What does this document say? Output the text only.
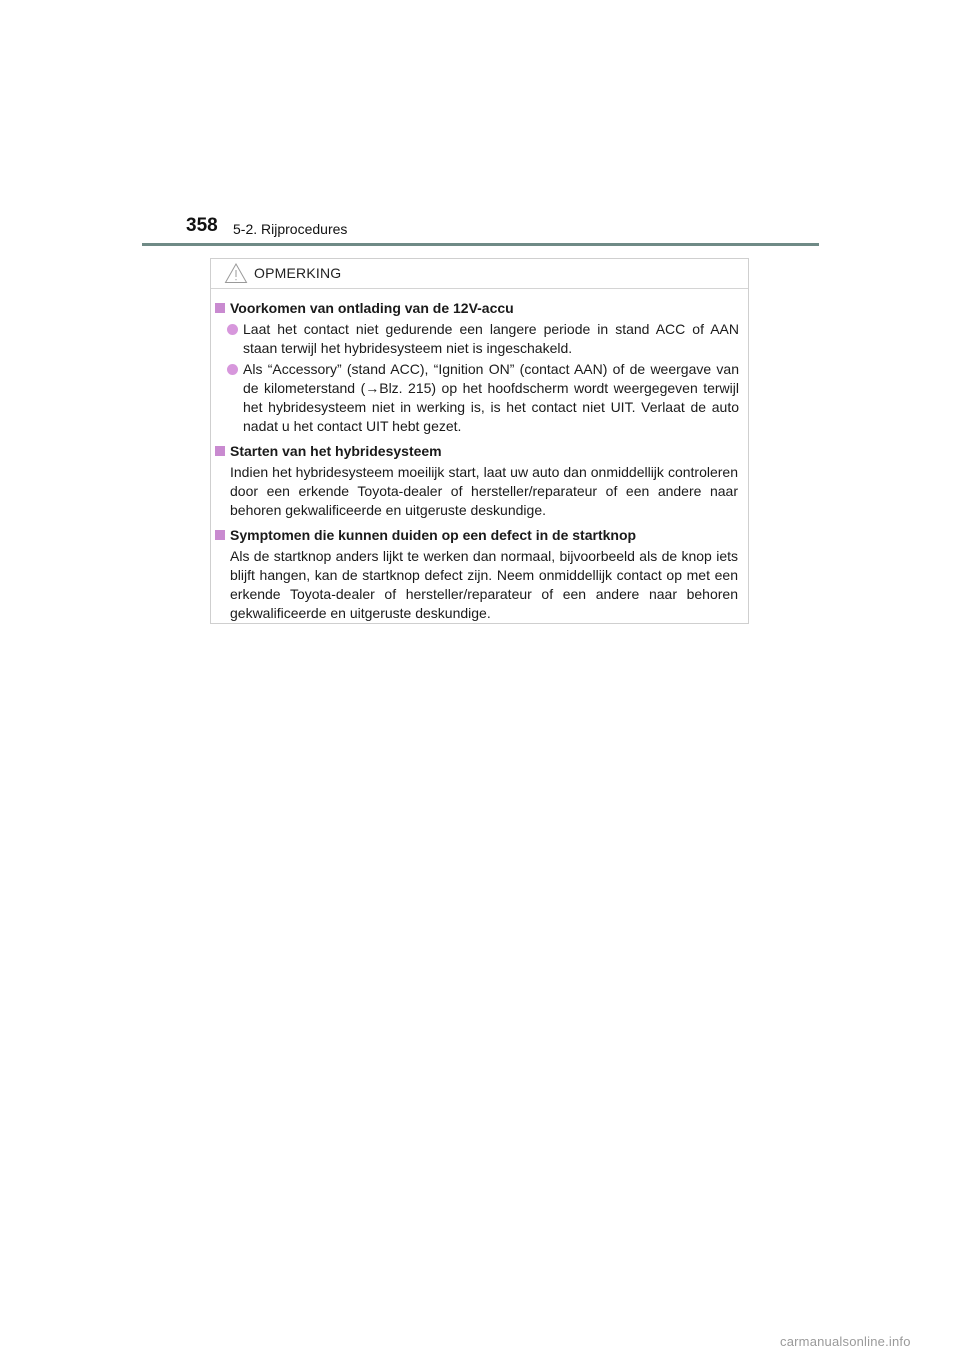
358 5-2. Rijprocedures
OPMERKING
Voorkomen van ontlading van de 12V-accu
Laat het contact niet gedurende een langere periode in stand ACC of AAN staan terwijl het hybridesysteem niet is ingeschakeld.
Als “Accessory” (stand ACC), “Ignition ON” (contact AAN) of de weergave van de kilometerstand (→Blz. 215) op het hoofdscherm wordt weergegeven terwijl het hybridesysteem niet in werking is, is het contact niet UIT. Verlaat de auto nadat u het contact UIT hebt gezet.
Starten van het hybridesysteem
Indien het hybridesysteem moeilijk start, laat uw auto dan onmiddellijk controleren door een erkende Toyota-dealer of hersteller/reparateur of een andere naar behoren gekwalificeerde en uitgeruste deskundige.
Symptomen die kunnen duiden op een defect in de startknop
Als de startknop anders lijkt te werken dan normaal, bijvoorbeeld als de knop iets blijft hangen, kan de startknop defect zijn. Neem onmiddellijk contact op met een erkende Toyota-dealer of hersteller/reparateur of een andere naar behoren gekwalificeerde en uitgeruste deskundige.
carmanualsonline.info
